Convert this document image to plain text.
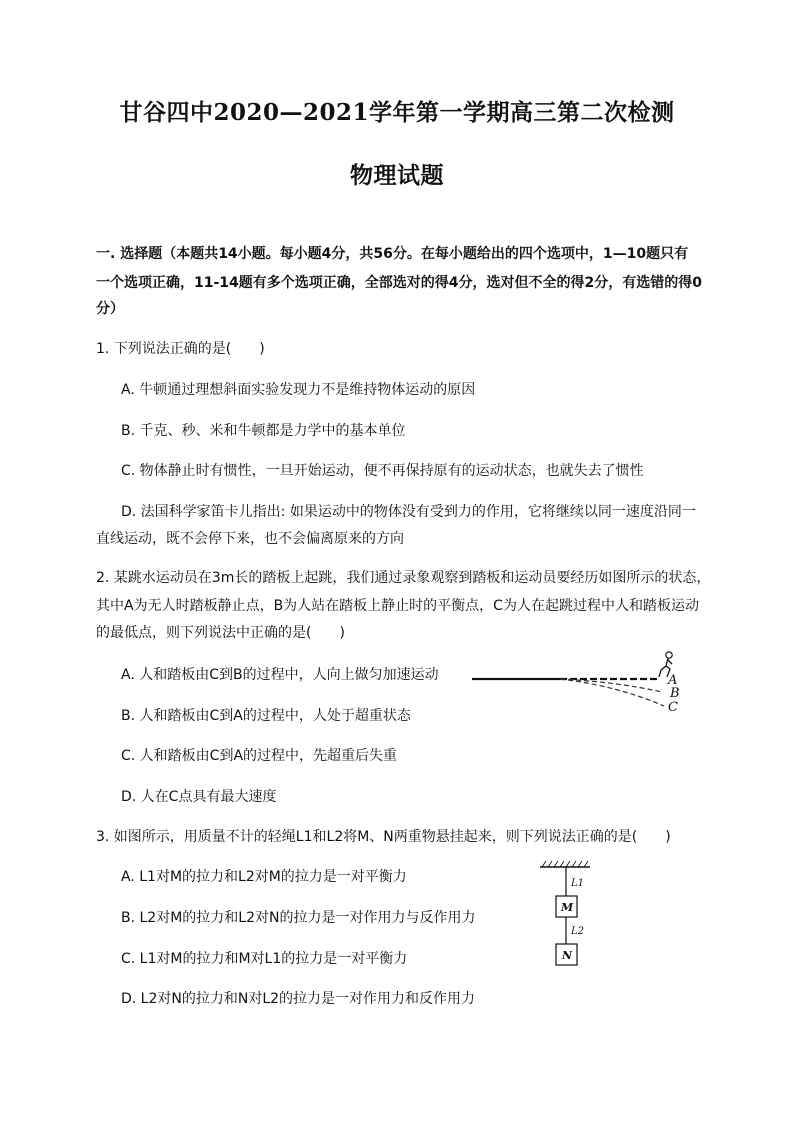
甘谷四中2020—2021学年第一学期高三第二次检测
物理试题
一. 选择题（本题共14小题。每小题4分，共56分。在每小题给出的四个选项中，1—10题只有
一个选项正确，11-14题有多个选项正确，全部选对的得4分，选对但不全的得2分，有选错的得0
分）
1. 下列说法正确的是(　　)
A. 牛顿通过理想斜面实验发现力不是维持物体运动的原因
B. 千克、秒、米和牛顿都是力学中的基本单位
C. 物体静止时有惯性，一旦开始运动，便不再保持原有的运动状态，也就失去了惯性
D. 法国科学家笛卡儿指出: 如果运动中的物体没有受到力的作用，它将继续以同一速度沿同一
直线运动，既不会停下来，也不会偏离原来的方向
2. 某跳水运动员在3m长的踏板上起跳，我们通过录象观察到踏板和运动员要经历如图所示的状态，
其中A为无人时踏板静止点，B为人站在踏板上静止时的平衡点，C为人在起跳过程中人和踏板运动
的最低点，则下列说法中正确的是(　　)
A. 人和踏板由C到B的过程中，人向上做匀加速运动
B. 人和踏板由C到A的过程中，人处于超重状态
C. 人和踏板由C到A的过程中，先超重后失重
D. 人在C点具有最大速度
A
B
C
3. 如图所示，用质量不计的轻绳L1和L2将M、N两重物悬挂起来，则下列说法正确的是(　　)
A. L1对M的拉力和L2对M的拉力是一对平衡力
B. L2对M的拉力和L2对N的拉力是一对作用力与反作用力
C. L1对M的拉力和M对L1的拉力是一对平衡力
D. L2对N的拉力和N对L2的拉力是一对作用力和反作用力
L1
M
L2
N
